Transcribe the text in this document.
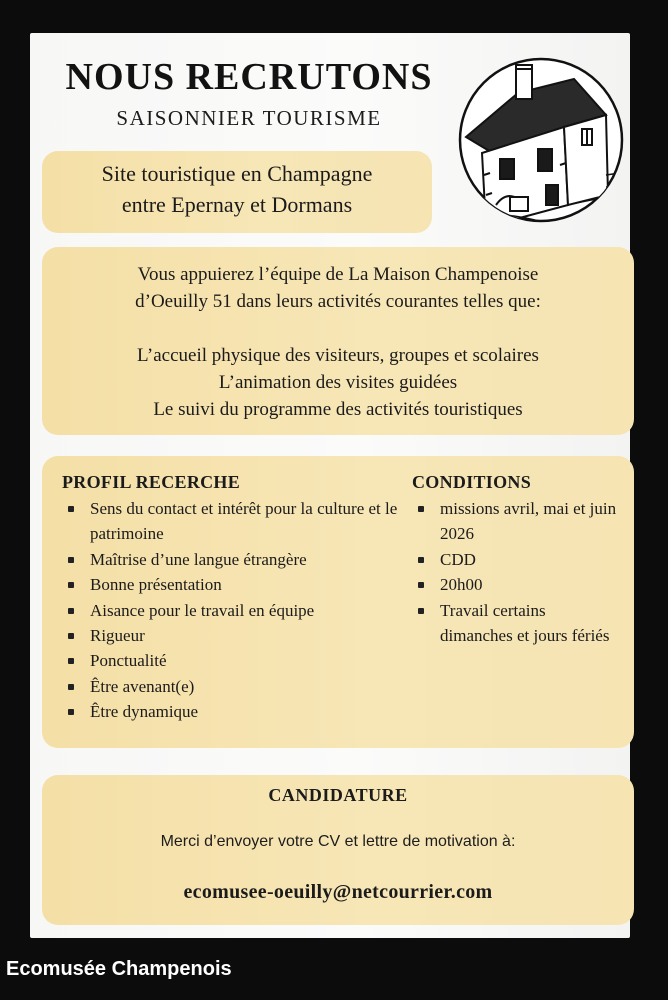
NOUS RECRUTONS
SAISONNIER TOURISME
Site touristique en Champagne
entre Epernay et Dormans
Vous appuierez l’équipe de La Maison Champenoise
d’Oeuilly 51 dans leurs activités courantes telles que:
L’accueil physique des visiteurs, groupes et scolaires
L’animation des visites guidées
Le suivi du programme des activités touristiques
PROFIL RECERCHE
Sens du contact et intérêt pour la culture et le patrimoine
Maîtrise d’une langue étrangère
Bonne présentation
Aisance pour le travail en équipe
Rigueur
Ponctualité
Être avenant(e)
Être dynamique
CONDITIONS
missions avril, mai et juin 2026
CDD
20h00
Travail certains dimanches et jours fériés
CANDIDATURE
Merci d’envoyer votre CV et lettre de motivation à:
ecomusee-oeuilly@netcourrier.com
Ecomusée Champenois
